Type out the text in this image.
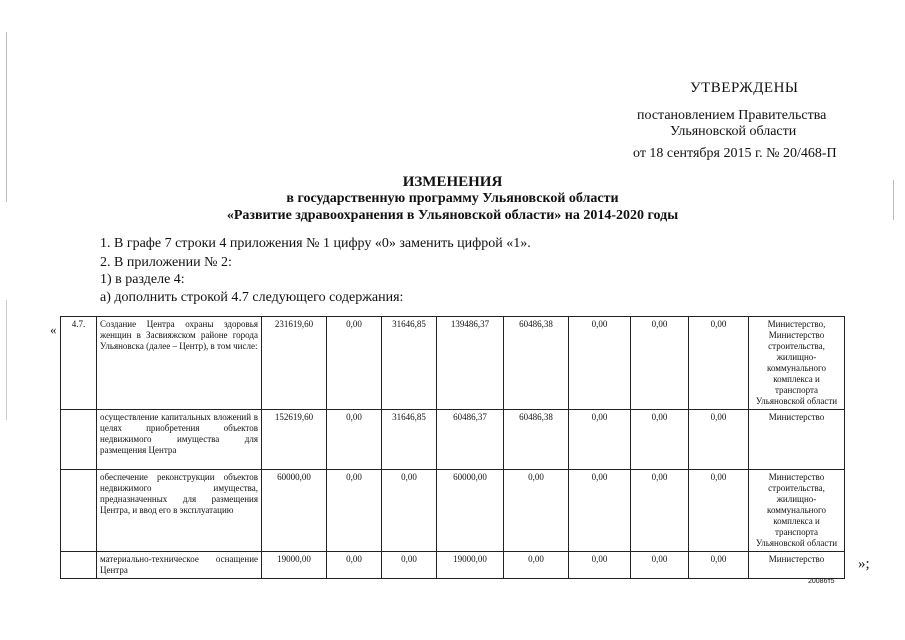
УТВЕРЖДЕНЫ
постановлением Правительства
Ульяновской области
от 18 сентября 2015 г. № 20/468-П
ИЗМЕНЕНИЯ
в государственную программу Ульяновской области
«Развитие здравоохранения в Ульяновской области» на 2014-2020 годы
1. В графе 7 строки 4 приложения № 1 цифру «0» заменить цифрой «1».
2. В приложении № 2:
1) в разделе 4:
а) дополнить строкой 4.7 следующего содержания:
« 4.7.	Создание Центра охраны здоровья женщин в Засвияжском районе города Ульяновска (далее – Центр), в том числе:	231619,60	0,00	31646,85	139486,37	60486,38	0,00	0,00	0,00	Министерство, Министерство строительства, жилищно-коммунального комплекса и транспорта Ульяновской области
	осуществление капитальных вложений в целях приобретения объектов недвижимого имущества для размещения Центра	152619,60	0,00	31646,85	60486,37	60486,38	0,00	0,00	0,00	Министерство
	обеспечение реконструкции объектов недвижимого имущества, предназначенных для размещения Центра, и ввод его в эксплуатацию	60000,00	0,00	0,00	60000,00	0,00	0,00	0,00	0,00	Министерство строительства, жилищно-коммунального комплекса и транспорта Ульяновской области
	материально-техническое оснащение Центра	19000,00	0,00	0,00	19000,00	0,00	0,00	0,00	0,00	Министерство »;
20086т5
